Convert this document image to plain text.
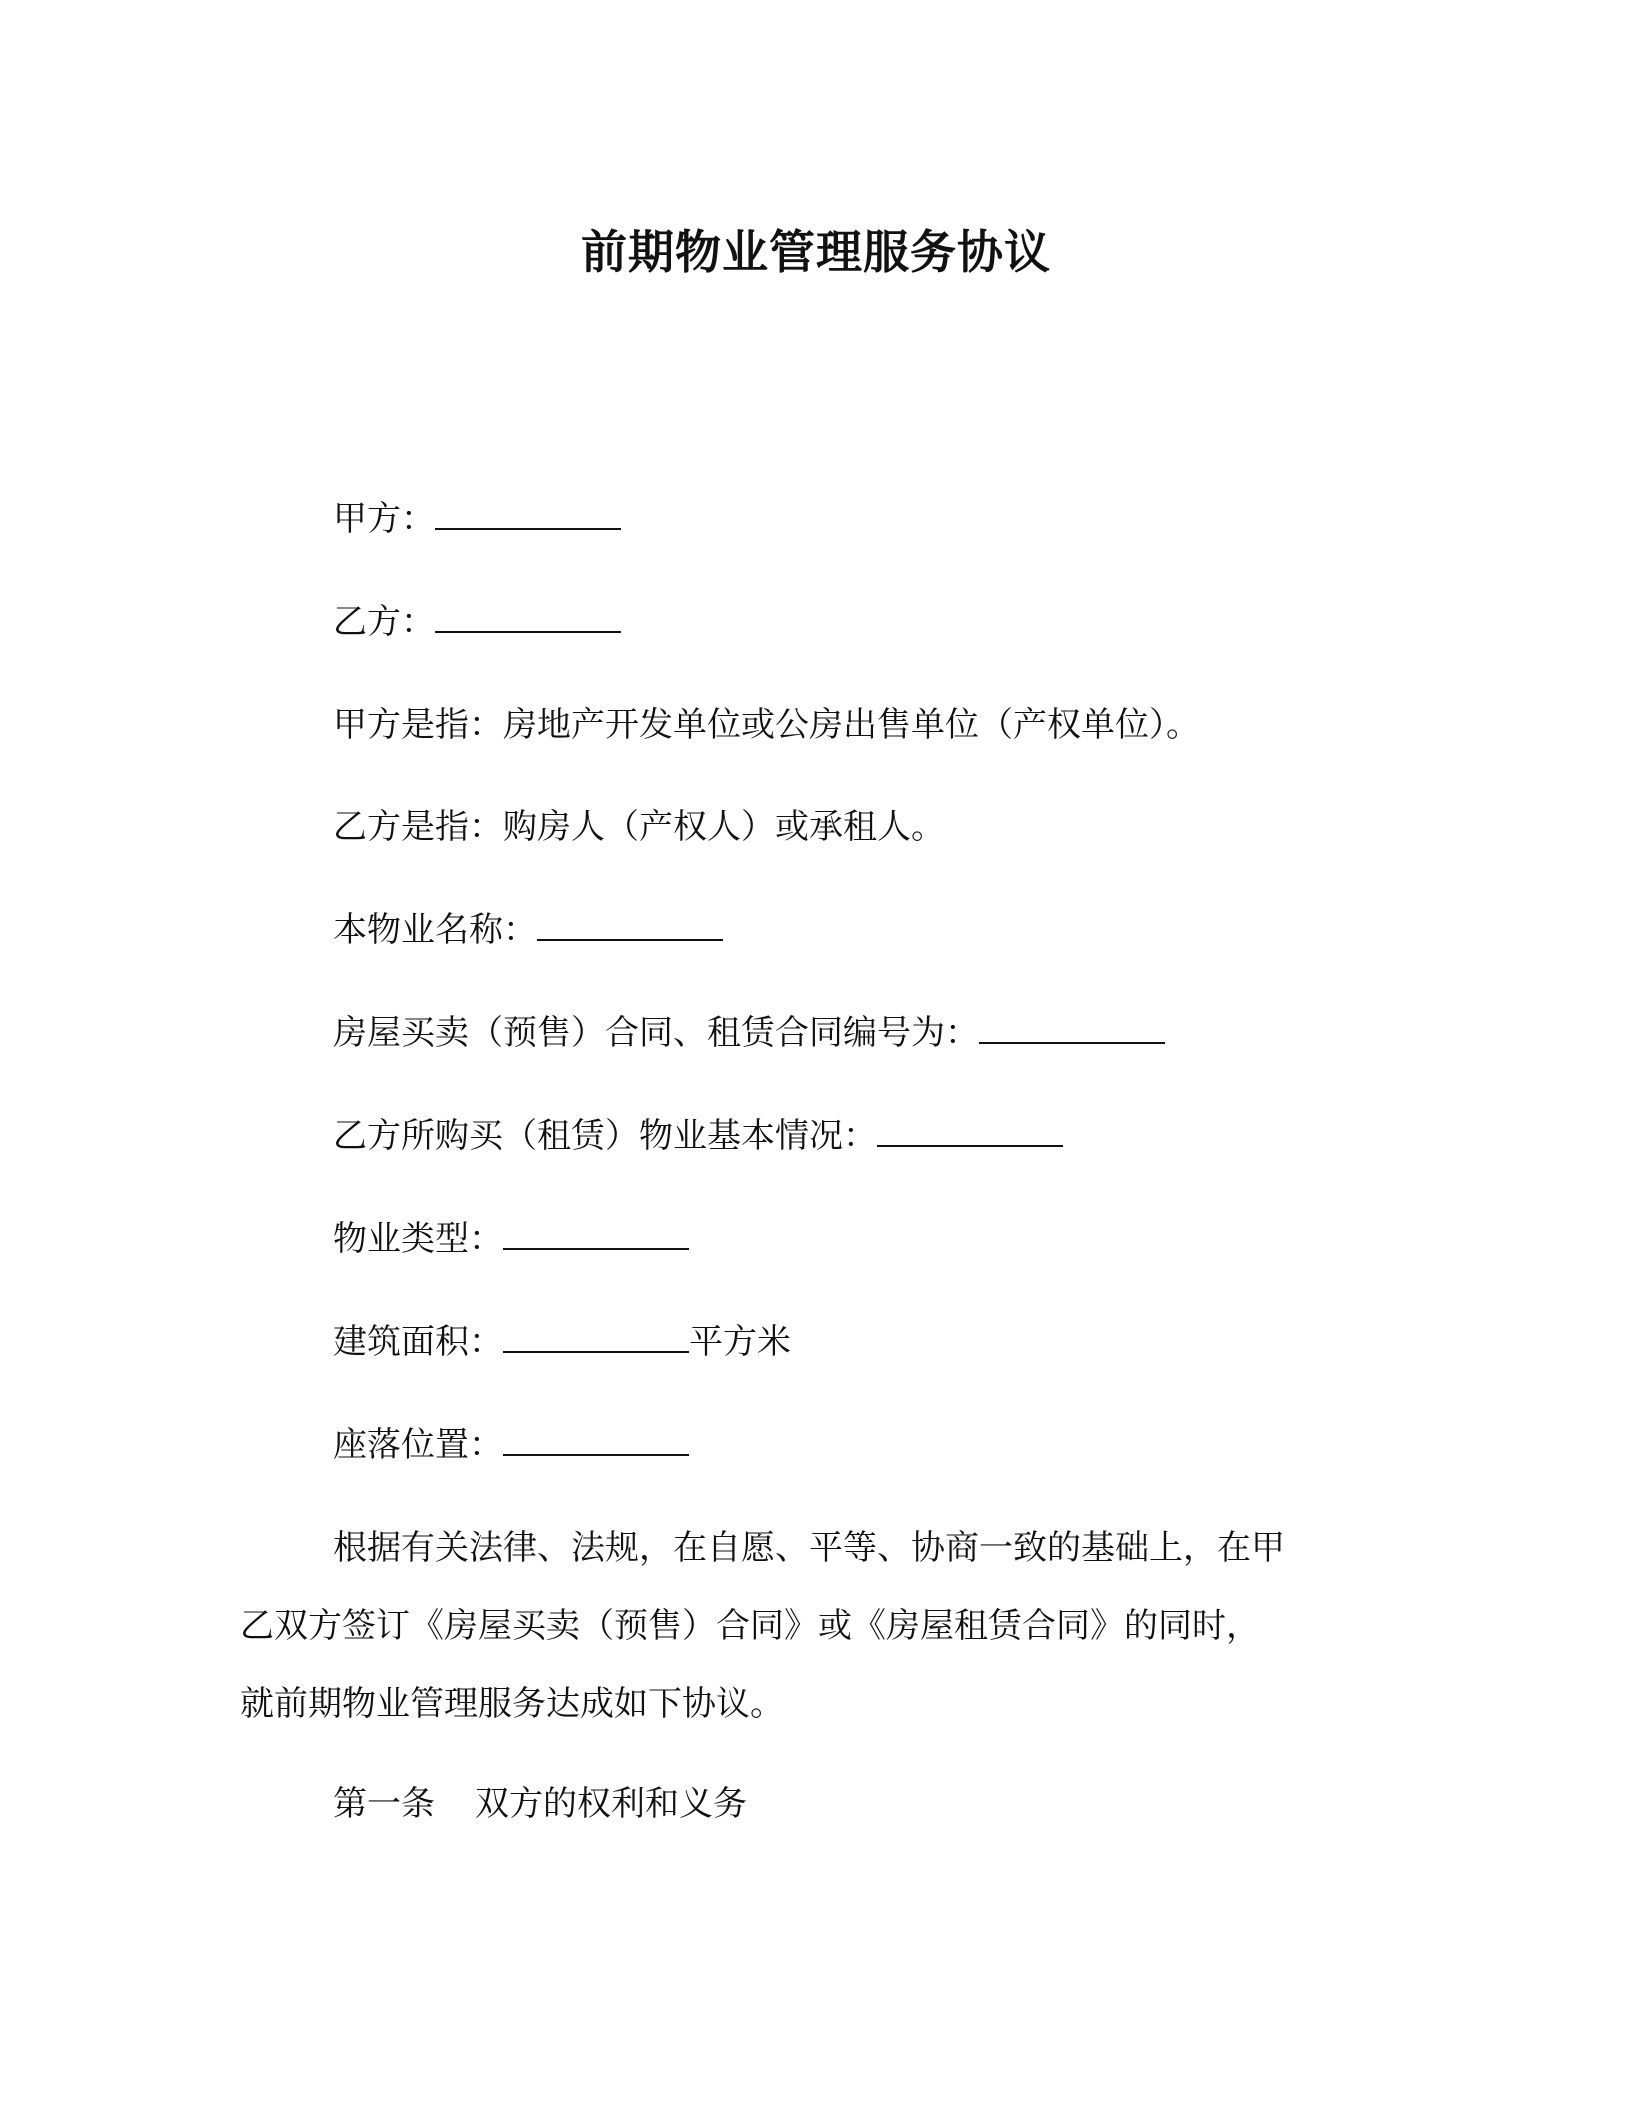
前期物业管理服务协议
甲方：
乙方：
甲方是指：房地产开发单位或公房出售单位（产权单位）。
乙方是指：购房人（产权人）或承租人。
本物业名称：
房屋买卖（预售）合同、租赁合同编号为：
乙方所购买（租赁）物业基本情况：
物业类型：
建筑面积：	平方米
座落位置：
根据有关法律、法规，在自愿、平等、协商一致的基础上，在甲
乙双方签订《房屋买卖（预售）合同》或《房屋租赁合同》的同时，
就前期物业管理服务达成如下协议。
第一条 双方的权利和义务
